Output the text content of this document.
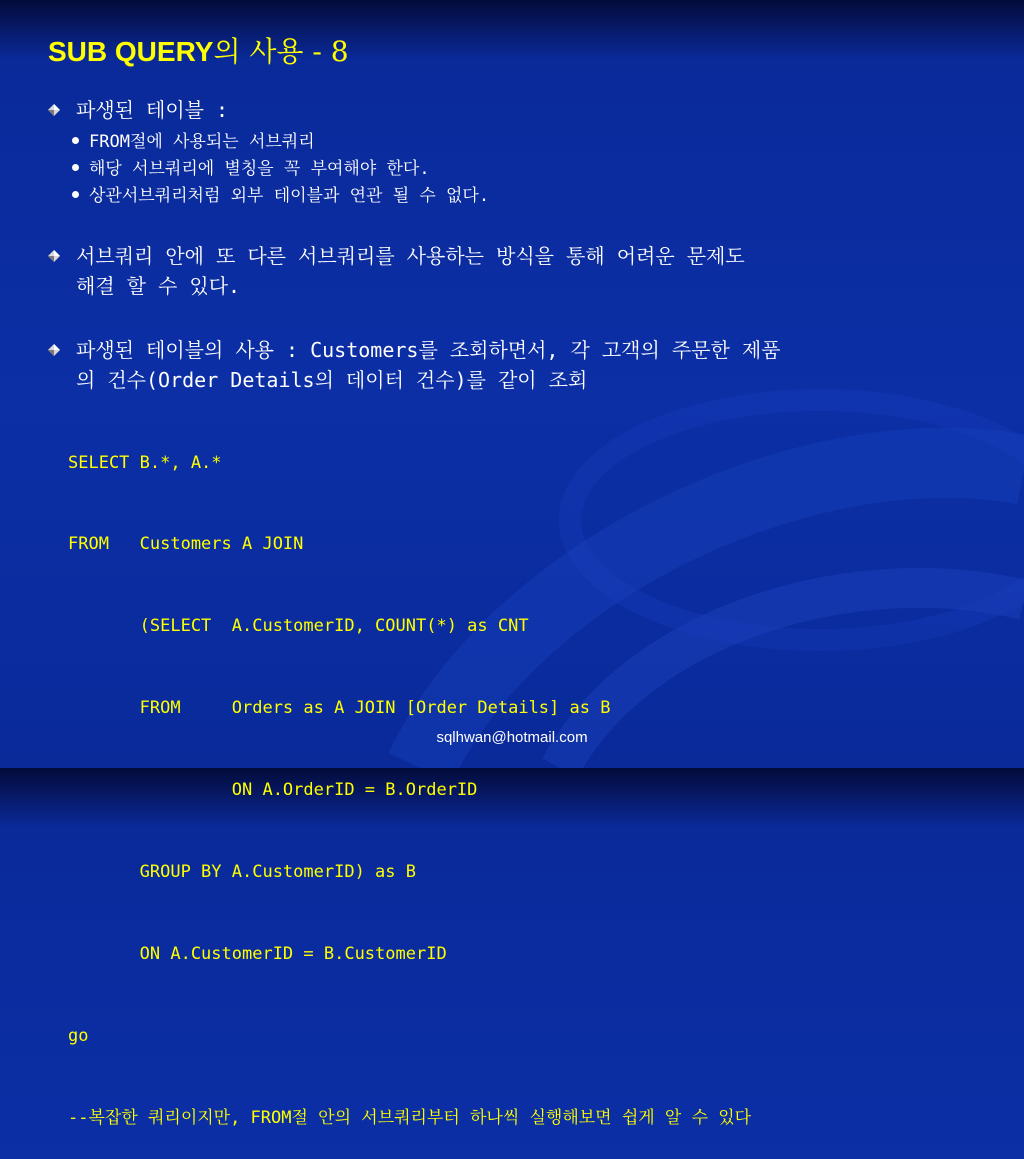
SUB QUERY의 사용 - 8
파생된 테이블 :
FROM절에 사용되는 서브쿼리
해당 서브쿼리에 별칭을 꼭 부여해야 한다.
상관서브쿼리처럼 외부 테이블과 연관 될 수 없다.
서브쿼리 안에 또 다른 서브쿼리를 사용하는 방식을 통해 어려운 문제도
해결 할 수 있다.
파생된 테이블의 사용 : Customers를 조회하면서, 각 고객의 주문한 제품
의 건수(Order Details의 데이터 건수)를 같이 조회

SELECT B.*, A.*

FROM   Customers A JOIN

(SELECT  A.CustomerID, COUNT(*) as CNT

FROM     Orders as A JOIN [Order Details] as B

ON A.OrderID = B.OrderID

GROUP BY A.CustomerID) as B

ON A.CustomerID = B.CustomerID

go

--복잡한 쿼리이지만, FROM절 안의 서브쿼리부터 하나씩 실행해보면 쉽게 알 수 있다

sqlhwan@hotmail.com
